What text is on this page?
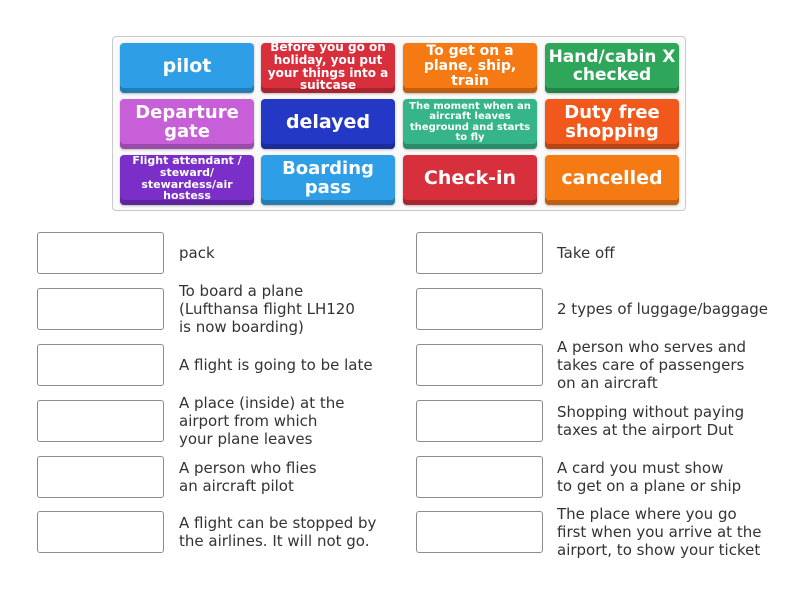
pilot
Before you go on holiday, you put your things into a suitcase
To get on a plane, ship, train
Hand/cabin X checked
Departure gate	delayed
The moment when an aircraft leaves theground and starts to fly
Duty free shopping
Flight attendant / steward/ stewardess/air hostess
Boarding pass	Check-in cancelled
pack	Take off
To board a plane
(Lufthansa flight LH120
is now boarding)
2 types of luggage/baggage
A flight is going to be late
A person who serves and
takes care of passengers
on an aircraft
A place (inside) at the
airport from which
your plane leaves
Shopping without paying
taxes at the airport Dut
A person who flies
an aircraft pilot
A card you must show
to get on a plane or ship
A flight can be stopped by
the airlines. It will not go.
The place where you go
first when you arrive at the
airport, to show your ticket
